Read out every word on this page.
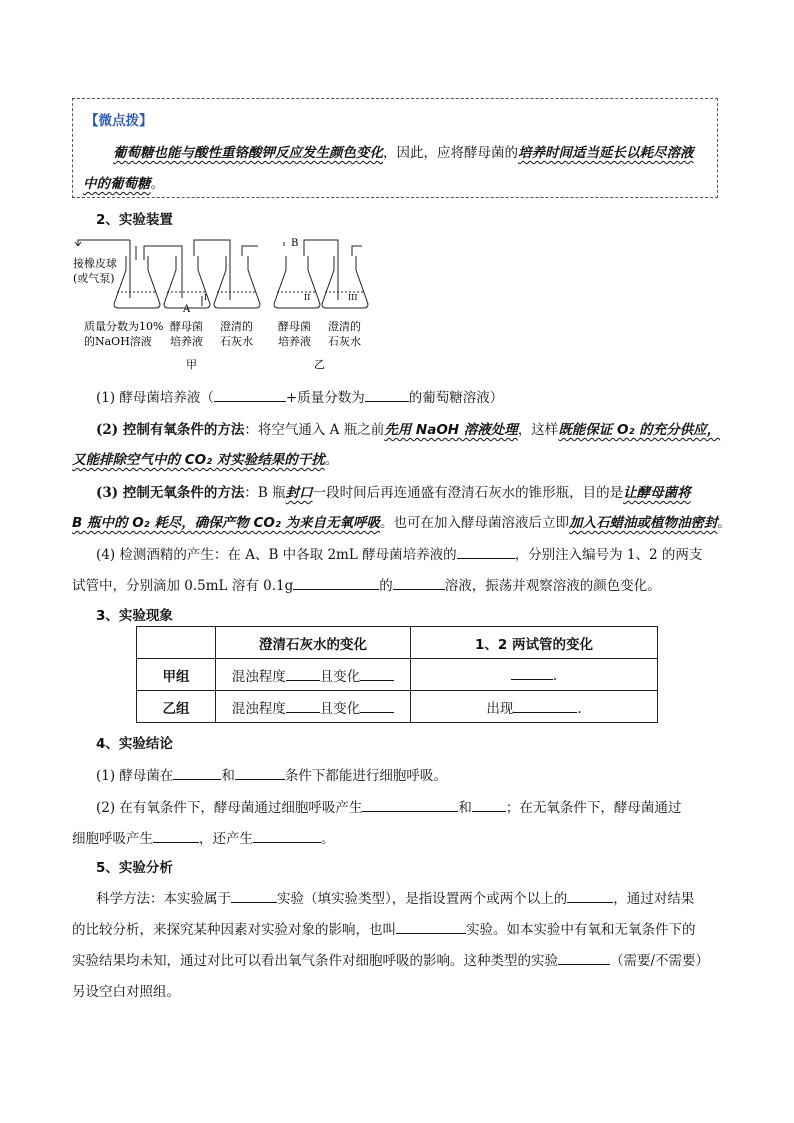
【微点拨】
葡萄糖也能与酸性重铬酸钾反应发生颜色变化，因此，应将酵母菌的培养时间适当延长以耗尽溶液
中的葡萄糖。
2、实验装置
接橡皮球
(或气泵)
A
B
I	II	III
质量分数为10%
的NaOH溶液
酵母菌
培养液
澄清的
石灰水
酵母菌
培养液
澄清的
石灰水
甲	乙
(1) 酵母菌培养液（	+质量分数为	的葡萄糖溶液）
(2) 控制有氧条件的方法：将空气通入 A 瓶之前先用 NaOH 溶液处理，这样既能保证 O₂ 的充分供应，
又能排除空气中的 CO₂ 对实验结果的干扰。
(3) 控制无氧条件的方法：B 瓶封口一段时间后再连通盛有澄清石灰水的锥形瓶，目的是让酵母菌将
B 瓶中的 O₂ 耗尽，确保产物 CO₂ 为来自无氧呼吸。也可在加入酵母菌溶液后立即加入石蜡油或植物油密封。
(4) 检测酒精的产生：在 A、B 中各取 2mL 酵母菌培养液的	，分别注入编号为 1、2 的两支
试管中，分别滴加 0.5mL 溶有 0.1g	的	溶液，振荡并观察溶液的颜色变化。
3、实验现象
	澄清石灰水的变化	1、2 两试管的变化
甲组	混浊程度 且变化	.
乙组	混浊程度 且变化	出现 .
4、实验结论
(1) 酵母菌在	和	条件下都能进行细胞呼吸。
(2) 在有氧条件下，酵母菌通过细胞呼吸产生	和	；在无氧条件下，酵母菌通过
细胞呼吸产生	，还产生	。
5、实验分析
科学方法：本实验属于	实验（填实验类型），是指设置两个或两个以上的	，通过对结果
的比较分析，来探究某种因素对实验对象的影响，也叫	实验。如本实验中有氧和无氧条件下的
实验结果均未知，通过对比可以看出氧气条件对细胞呼吸的影响。这种类型的实验	（需要/不需要）
另设空白对照组。
